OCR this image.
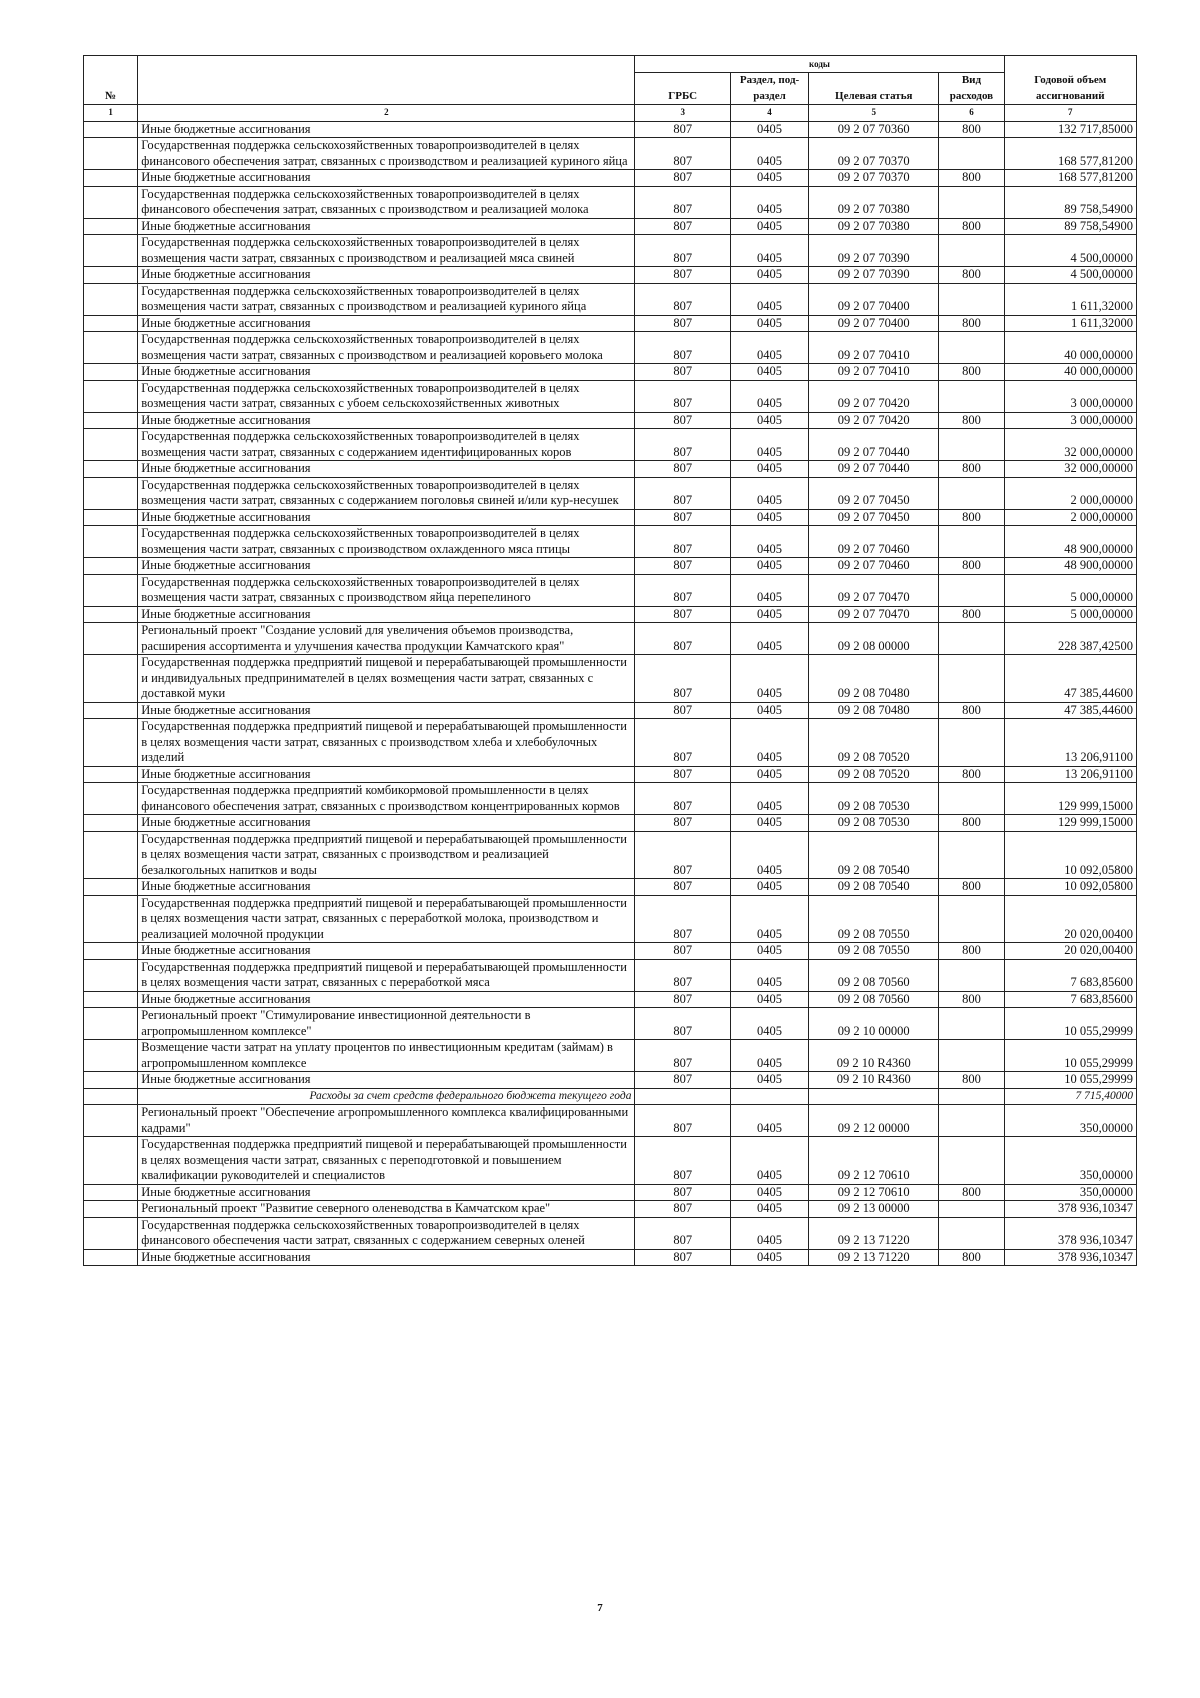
№		коды				Годовой объем ассигнований
		ГРБС	Раздел, под-раздел	Целевая статья	Вид расходов	
1	2	3	4	5	6	7
	Иные бюджетные ассигнования	807	0405	09 2 07 70360	800	132 717,85000
	Государственная поддержка сельскохозяйственных товаропроизводителей в целях финансового обеспечения затрат, связанных с производством и реализацией куриного яйца	807	0405	09 2 07 70370		168 577,81200
	Иные бюджетные ассигнования	807	0405	09 2 07 70370	800	168 577,81200
	Государственная поддержка сельскохозяйственных товаропроизводителей в целях финансового обеспечения затрат, связанных с производством и реализацией молока	807	0405	09 2 07 70380		89 758,54900
	Иные бюджетные ассигнования	807	0405	09 2 07 70380	800	89 758,54900
	Государственная поддержка сельскохозяйственных товаропроизводителей в целях возмещения части затрат, связанных с производством и реализацией мяса свиней	807	0405	09 2 07 70390		4 500,00000
	Иные бюджетные ассигнования	807	0405	09 2 07 70390	800	4 500,00000
	Государственная поддержка сельскохозяйственных товаропроизводителей в целях возмещения части затрат, связанных с производством и реализацией куриного яйца	807	0405	09 2 07 70400		1 611,32000
	Иные бюджетные ассигнования	807	0405	09 2 07 70400	800	1 611,32000
	Государственная поддержка сельскохозяйственных товаропроизводителей в целях возмещения части затрат, связанных с производством и реализацией коровьего молока	807	0405	09 2 07 70410		40 000,00000
	Иные бюджетные ассигнования	807	0405	09 2 07 70410	800	40 000,00000
	Государственная поддержка сельскохозяйственных товаропроизводителей в целях возмещения части затрат, связанных с убоем сельскохозяйственных животных	807	0405	09 2 07 70420		3 000,00000
	Иные бюджетные ассигнования	807	0405	09 2 07 70420	800	3 000,00000
	Государственная поддержка сельскохозяйственных товаропроизводителей в целях возмещения части затрат, связанных с содержанием идентифицированных коров	807	0405	09 2 07 70440		32 000,00000
	Иные бюджетные ассигнования	807	0405	09 2 07 70440	800	32 000,00000
	Государственная поддержка сельскохозяйственных товаропроизводителей в целях возмещения части затрат, связанных с содержанием поголовья свиней и/или кур-несушек	807	0405	09 2 07 70450		2 000,00000
	Иные бюджетные ассигнования	807	0405	09 2 07 70450	800	2 000,00000
	Государственная поддержка сельскохозяйственных товаропроизводителей в целях возмещения части затрат, связанных с производством охлажденного мяса птицы	807	0405	09 2 07 70460		48 900,00000
	Иные бюджетные ассигнования	807	0405	09 2 07 70460	800	48 900,00000
	Государственная поддержка сельскохозяйственных товаропроизводителей в целях возмещения части затрат, связанных с производством яйца перепелиного	807	0405	09 2 07 70470		5 000,00000
	Иные бюджетные ассигнования	807	0405	09 2 07 70470	800	5 000,00000
	Региональный проект "Создание условий для увеличения объемов производства, расширения ассортимента и улучшения качества продукции Камчатского края"	807	0405	09 2 08 00000		228 387,42500
	Государственная поддержка предприятий пищевой и перерабатывающей промышленности и индивидуальных предпринимателей в целях возмещения части затрат, связанных с доставкой муки	807	0405	09 2 08 70480		47 385,44600
	Иные бюджетные ассигнования	807	0405	09 2 08 70480	800	47 385,44600
	Государственная поддержка предприятий пищевой и перерабатывающей промышленности в целях возмещения части затрат, связанных с производством хлеба и хлебобулочных изделий	807	0405	09 2 08 70520		13 206,91100
	Иные бюджетные ассигнования	807	0405	09 2 08 70520	800	13 206,91100
	Государственная поддержка предприятий комбикормовой промышленности в целях финансового обеспечения затрат, связанных с производством концентрированных кормов	807	0405	09 2 08 70530		129 999,15000
	Иные бюджетные ассигнования	807	0405	09 2 08 70530	800	129 999,15000
	Государственная поддержка предприятий пищевой и перерабатывающей промышленности в целях возмещения части затрат, связанных с производством и реализацией безалкогольных напитков и воды	807	0405	09 2 08 70540		10 092,05800
	Иные бюджетные ассигнования	807	0405	09 2 08 70540	800	10 092,05800
	Государственная поддержка предприятий пищевой и перерабатывающей промышленности в целях возмещения части затрат, связанных с переработкой молока, производством и реализацией молочной продукции	807	0405	09 2 08 70550		20 020,00400
	Иные бюджетные ассигнования	807	0405	09 2 08 70550	800	20 020,00400
	Государственная поддержка предприятий пищевой и перерабатывающей промышленности в целях возмещения части затрат, связанных с переработкой мяса	807	0405	09 2 08 70560		7 683,85600
	Иные бюджетные ассигнования	807	0405	09 2 08 70560	800	7 683,85600
	Региональный проект "Стимулирование инвестиционной деятельности в агропромышленном комплексе"	807	0405	09 2 10 00000		10 055,29999
	Возмещение части затрат на уплату процентов по инвестиционным кредитам (займам) в агропромышленном комплексе	807	0405	09 2 10 R4360		10 055,29999
	Иные бюджетные ассигнования	807	0405	09 2 10 R4360	800	10 055,29999
	Расходы за счет средств федерального бюджета текущего года					7 715,40000
	Региональный проект "Обеспечение агропромышленного комплекса квалифицированными кадрами"	807	0405	09 2 12 00000		350,00000
	Государственная поддержка предприятий пищевой и перерабатывающей промышленности в целях возмещения части затрат, связанных с переподготовкой и повышением квалификации руководителей и специалистов	807	0405	09 2 12 70610		350,00000
	Иные бюджетные ассигнования	807	0405	09 2 12 70610	800	350,00000
	Региональный проект "Развитие северного оленеводства в Камчатском крае"	807	0405	09 2 13 00000		378 936,10347
	Государственная поддержка сельскохозяйственных товаропроизводителей в целях финансового обеспечения части затрат, связанных с содержанием северных оленей	807	0405	09 2 13 71220		378 936,10347
	Иные бюджетные ассигнования	807	0405	09 2 13 71220	800	378 936,10347
7
